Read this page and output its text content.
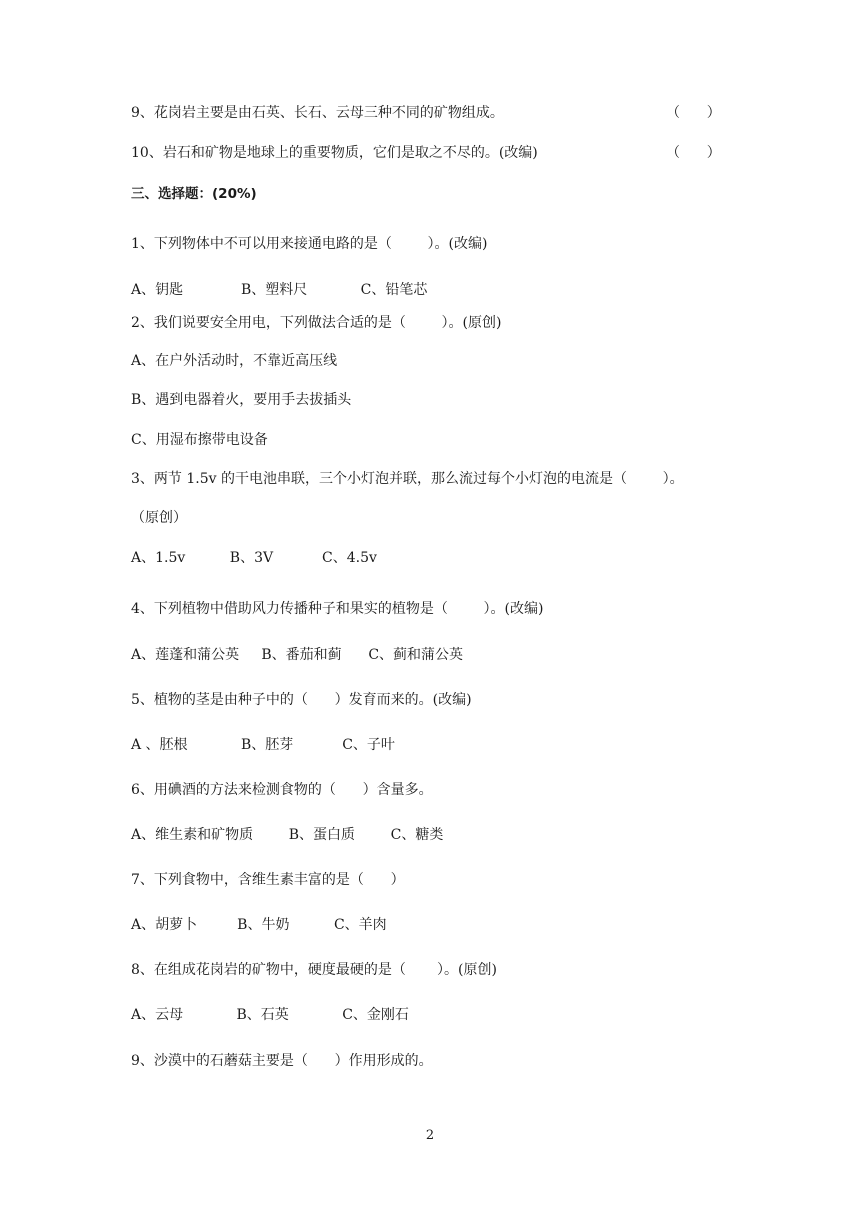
9、花岗岩主要是由石英、长石、云母三种不同的矿物组成。	（      ）
10、岩石和矿物是地球上的重要物质，它们是取之不尽的。(改编)	（      ）
三、选择题：(20%)
1、下列物体中不可以用来接通电路的是（        ）。(改编)
A、钥匙             B、塑料尺            C、铅笔芯
2、我们说要安全用电，下列做法合适的是（        ）。(原创)
A、在户外活动时，不靠近高压线
B、遇到电器着火，要用手去拔插头
C、用湿布擦带电设备
3、两节 1.5v 的干电池串联，三个小灯泡并联，那么流过每个小灯泡的电流是（        ）。
（原创）
A、1.5v          B、3V           C、4.5v
4、下列植物中借助风力传播种子和果实的植物是（        ）。(改编)
A、莲蓬和蒲公英     B、番茄和蓟      C、蓟和蒲公英
5、植物的茎是由种子中的（      ）发育而来的。(改编)
A 、胚根            B、胚芽           C、子叶
6、用碘酒的方法来检测食物的（      ）含量多。
A、维生素和矿物质        B、蛋白质        C、糖类
7、下列食物中，含维生素丰富的是（      ）
A、胡萝卜         B、牛奶          C、羊肉
8、在组成花岗岩的矿物中，硬度最硬的是（       ）。(原创)
A、云母            B、石英            C、金刚石
9、沙漠中的石蘑菇主要是（      ）作用形成的。
2
